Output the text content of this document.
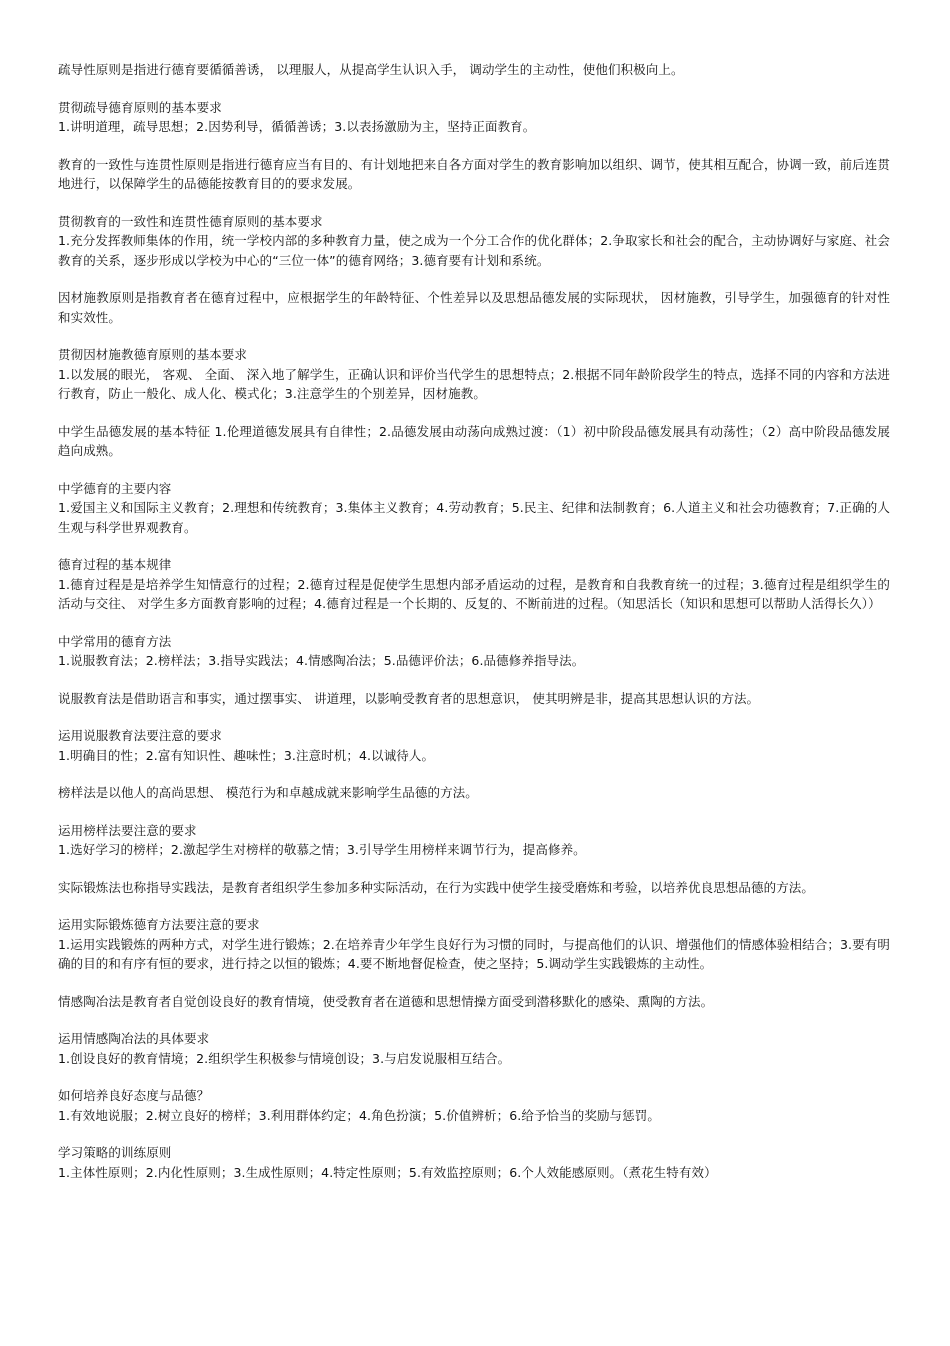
疏导性原则是指进行德育要循循善诱， 以理服人，从提高学生认识入手， 调动学生的主动性，使他们积极向上。

贯彻疏导德育原则的基本要求

1.讲明道理，疏导思想；2.因势利导，循循善诱；3.以表扬激励为主，坚持正面教育。

教育的一致性与连贯性原则是指进行德育应当有目的、有计划地把来自各方面对学生的教育影响加以组织、调节，使其相互配合，协调一致，前后连贯地进行，以保障学生的品德能按教育目的的要求发展。

贯彻教育的一致性和连贯性德育原则的基本要求

1.充分发挥教师集体的作用，统一学校内部的多种教育力量，使之成为一个分工合作的优化群体；2.争取家长和社会的配合，主动协调好与家庭、社会教育的关系，逐步形成以学校为中心的“三位一体”的德育网络；3.德育要有计划和系统。

因材施教原则是指教育者在德育过程中，应根据学生的年龄特征、个性差异以及思想品德发展的实际现状， 因材施教，引导学生，加强德育的针对性和实效性。

贯彻因材施教德育原则的基本要求

1.以发展的眼光， 客观、 全面、 深入地了解学生，正确认识和评价当代学生的思想特点；2.根据不同年龄阶段学生的特点，选择不同的内容和方法进行教育，防止一般化、成人化、模式化；3.注意学生的个别差异，因材施教。

中学生品德发展的基本特征 1.伦理道德发展具有自律性；2.品德发展由动荡向成熟过渡：（1）初中阶段品德发展具有动荡性；（2）高中阶段品德发展趋向成熟。

中学德育的主要内容

1.爱国主义和国际主义教育；2.理想和传统教育；3.集体主义教育；4.劳动教育；5.民主、纪律和法制教育；6.人道主义和社会功德教育；7.正确的人生观与科学世界观教育。

德育过程的基本规律

1.德育过程是是培养学生知情意行的过程；2.德育过程是促使学生思想内部矛盾运动的过程，是教育和自我教育统一的过程；3.德育过程是组织学生的活动与交往、 对学生多方面教育影响的过程；4.德育过程是一个长期的、反复的、不断前进的过程。（知思活长（知识和思想可以帮助人活得长久））

中学常用的德育方法

1.说服教育法；2.榜样法；3.指导实践法；4.情感陶冶法；5.品德评价法；6.品德修养指导法。

说服教育法是借助语言和事实，通过摆事实、 讲道理，以影响受教育者的思想意识， 使其明辨是非，提高其思想认识的方法。

运用说服教育法要注意的要求

1.明确目的性；2.富有知识性、趣味性；3.注意时机；4.以诚待人。

榜样法是以他人的高尚思想、 模范行为和卓越成就来影响学生品德的方法。

运用榜样法要注意的要求

1.选好学习的榜样；2.激起学生对榜样的敬慕之情；3.引导学生用榜样来调节行为，提高修养。

实际锻炼法也称指导实践法，是教育者组织学生参加多种实际活动，在行为实践中使学生接受磨炼和考验，以培养优良思想品德的方法。

运用实际锻炼德育方法要注意的要求

1.运用实践锻炼的两种方式，对学生进行锻炼；2.在培养青少年学生良好行为习惯的同时，与提高他们的认识、增强他们的情感体验相结合；3.要有明确的目的和有序有恒的要求，进行持之以恒的锻炼；4.要不断地督促检查，使之坚持；5.调动学生实践锻炼的主动性。

情感陶冶法是教育者自觉创设良好的教育情境，使受教育者在道德和思想情操方面受到潜移默化的感染、熏陶的方法。

运用情感陶冶法的具体要求

1.创设良好的教育情境；2.组织学生积极参与情境创设；3.与启发说服相互结合。

如何培养良好态度与品德？

1.有效地说服；2.树立良好的榜样；3.利用群体约定；4.角色扮演；5.价值辨析；6.给予恰当的奖励与惩罚。

学习策略的训练原则

1.主体性原则；2.内化性原则；3.生成性原则；4.特定性原则；5.有效监控原则；6.个人效能感原则。（煮花生特有效）
